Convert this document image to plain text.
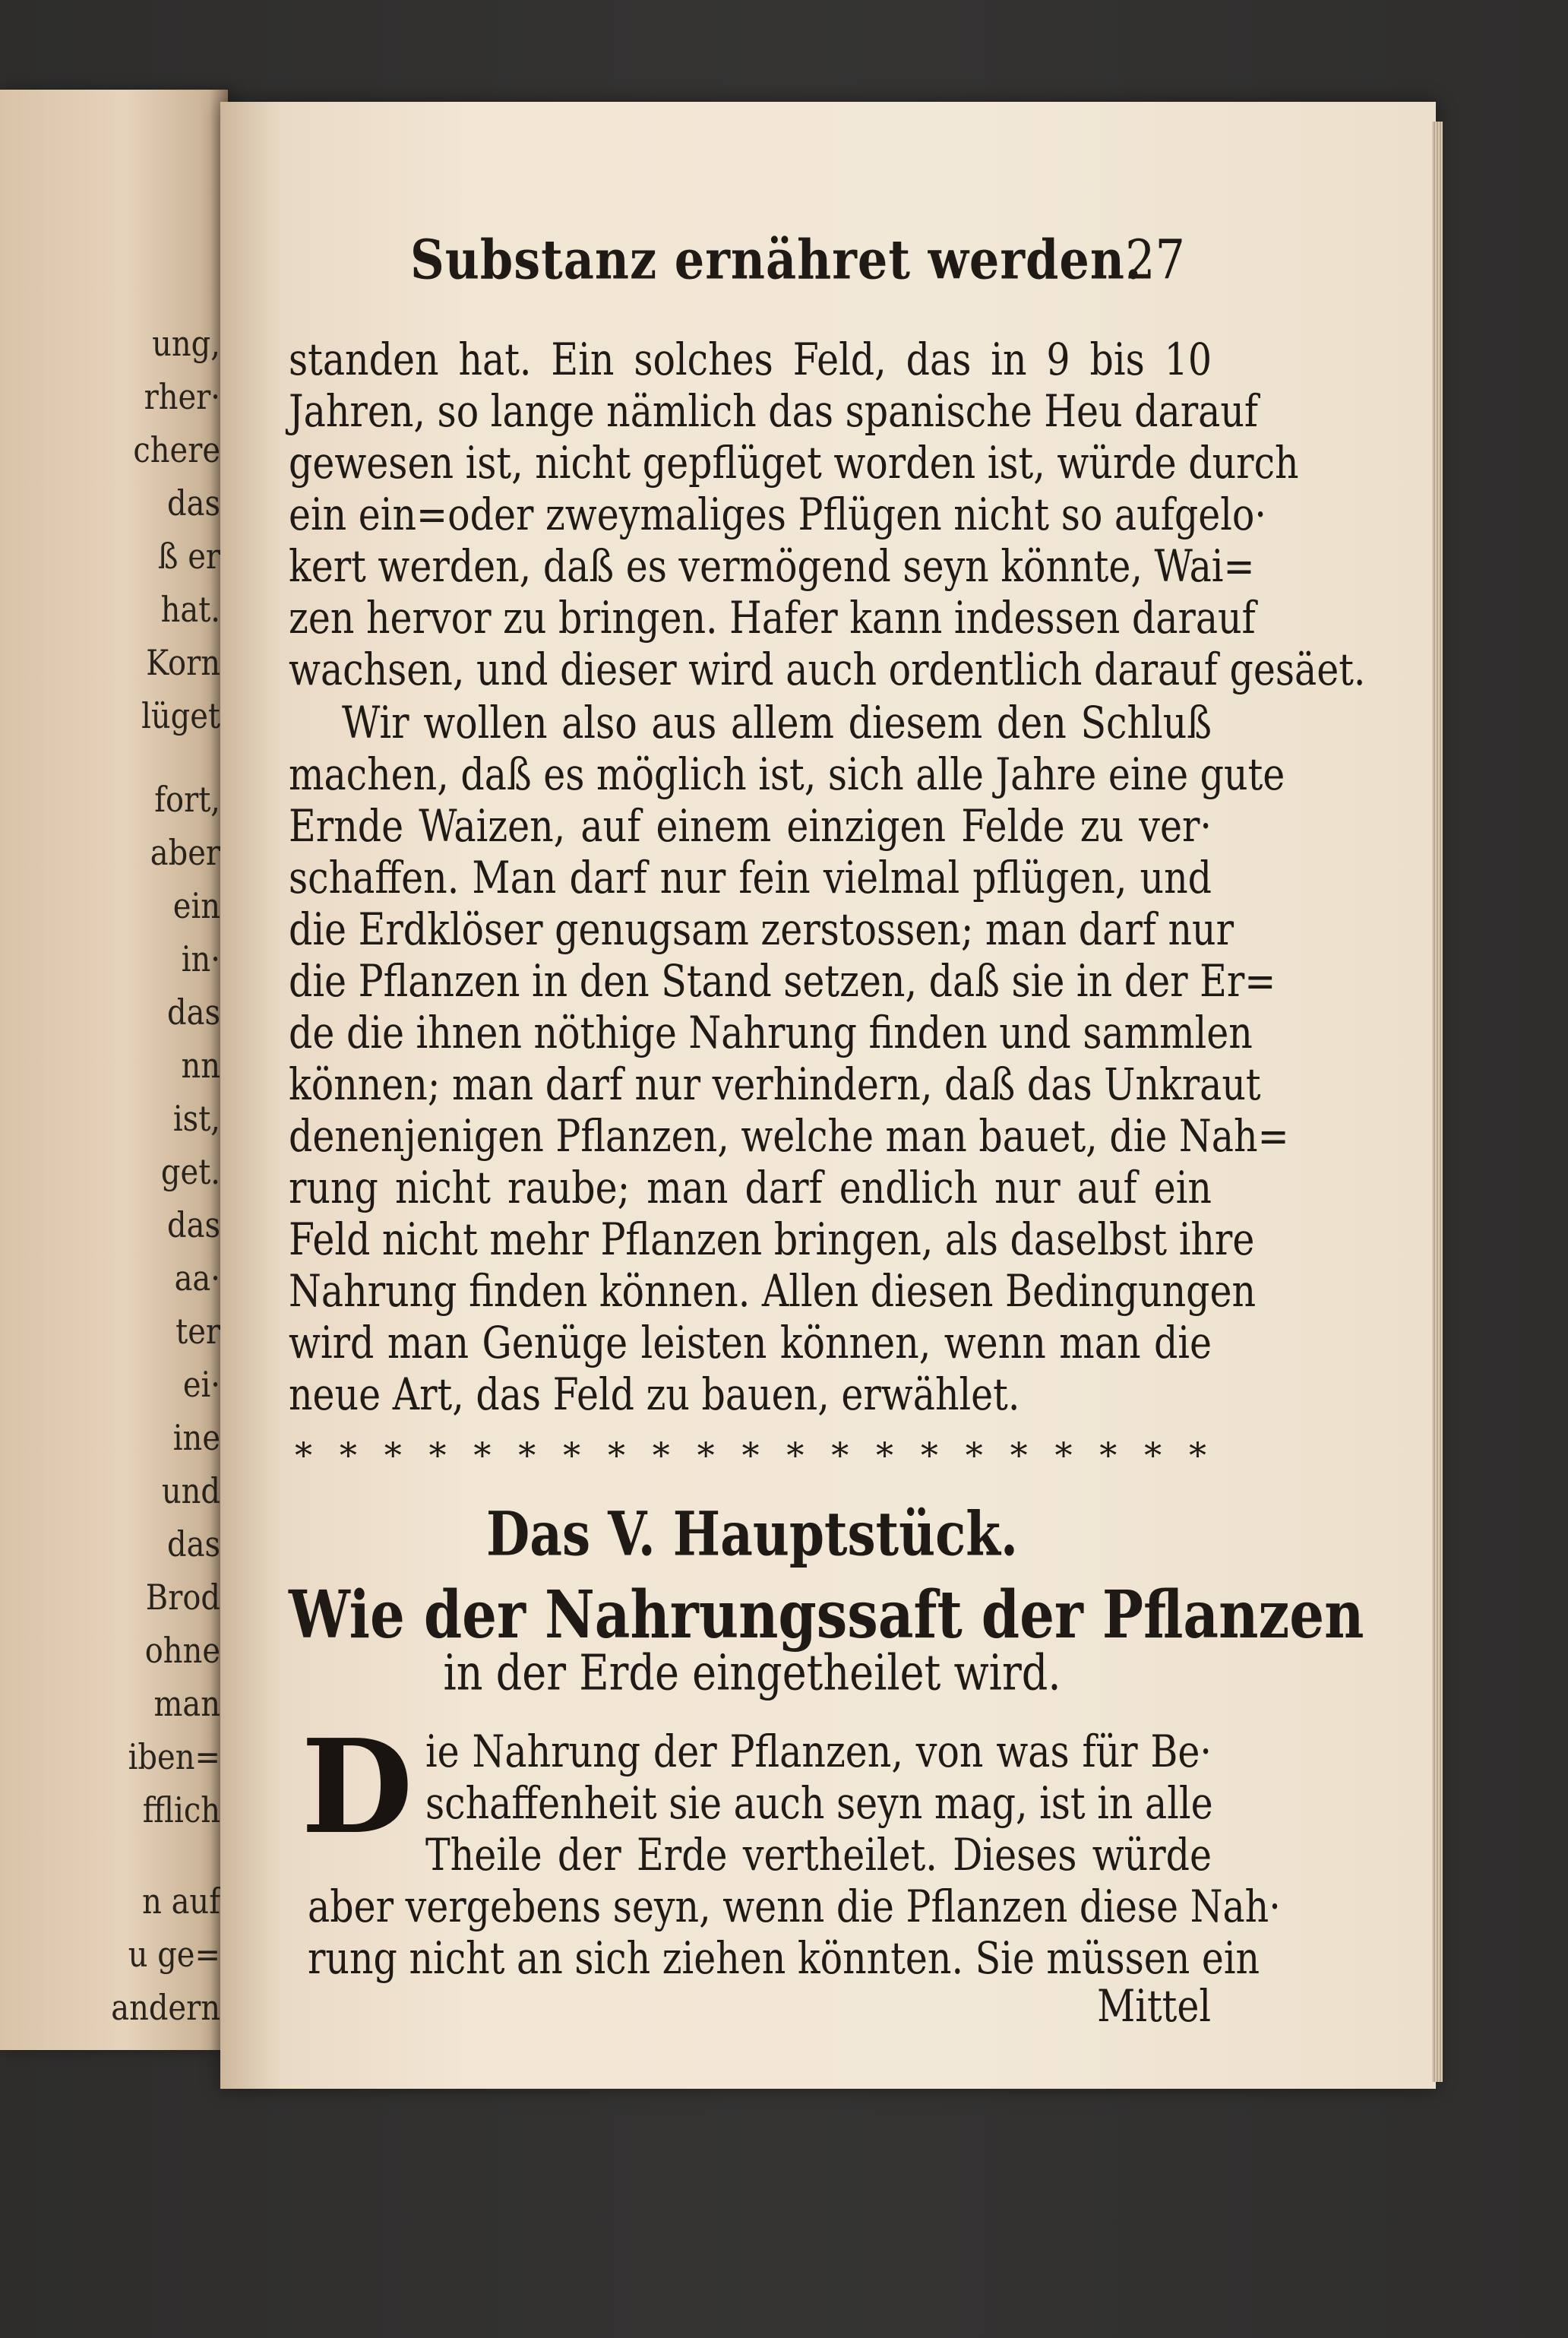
ung,
rher·
chere
das
ß er
hat.
Korn
lüget
fort,
aber
ein
in·
das
nn
ist,
get.
das
aa·
ter
ei·
ine
und
das
Brod
ohne
man
iben=
fflich
n auf
u ge=
andern
Substanz ernähret werden.
27
standen hat. Ein solches Feld, das in 9 bis 10
Jahren, so lange nämlich das spanische Heu darauf
gewesen ist, nicht gepflüget worden ist, würde durch
ein ein=oder zweymaliges Pflügen nicht so aufgelo·
kert werden, daß es vermögend seyn könnte, Wai=
zen hervor zu bringen. Hafer kann indessen darauf
wachsen, und dieser wird auch ordentlich darauf gesäet.
Wir wollen also aus allem diesem den Schluß
machen, daß es möglich ist, sich alle Jahre eine gute
Ernde Waizen, auf einem einzigen Felde zu ver·
schaffen. Man darf nur fein vielmal pflügen, und
die Erdklöser genugsam zerstossen; man darf nur
die Pflanzen in den Stand setzen, daß sie in der Er=
de die ihnen nöthige Nahrung finden und sammlen
können; man darf nur verhindern, daß das Unkraut
denenjenigen Pflanzen, welche man bauet, die Nah=
rung nicht raube; man darf endlich nur auf ein
Feld nicht mehr Pflanzen bringen, als daselbst ihre
Nahrung finden können. Allen diesen Bedingungen
wird man Genüge leisten können, wenn man die
neue Art, das Feld zu bauen, erwählet.
* * * * * * * * * * * * * * * * * * * * *
Das V. Hauptstück.
Wie der Nahrungssaft der Pflanzen
in der Erde eingetheilet wird.
D ie Nahrung der Pflanzen, von was für Be·
schaffenheit sie auch seyn mag, ist in alle
Theile der Erde vertheilet. Dieses würde
aber vergebens seyn, wenn die Pflanzen diese Nah·
rung nicht an sich ziehen könnten. Sie müssen ein
Mittel
